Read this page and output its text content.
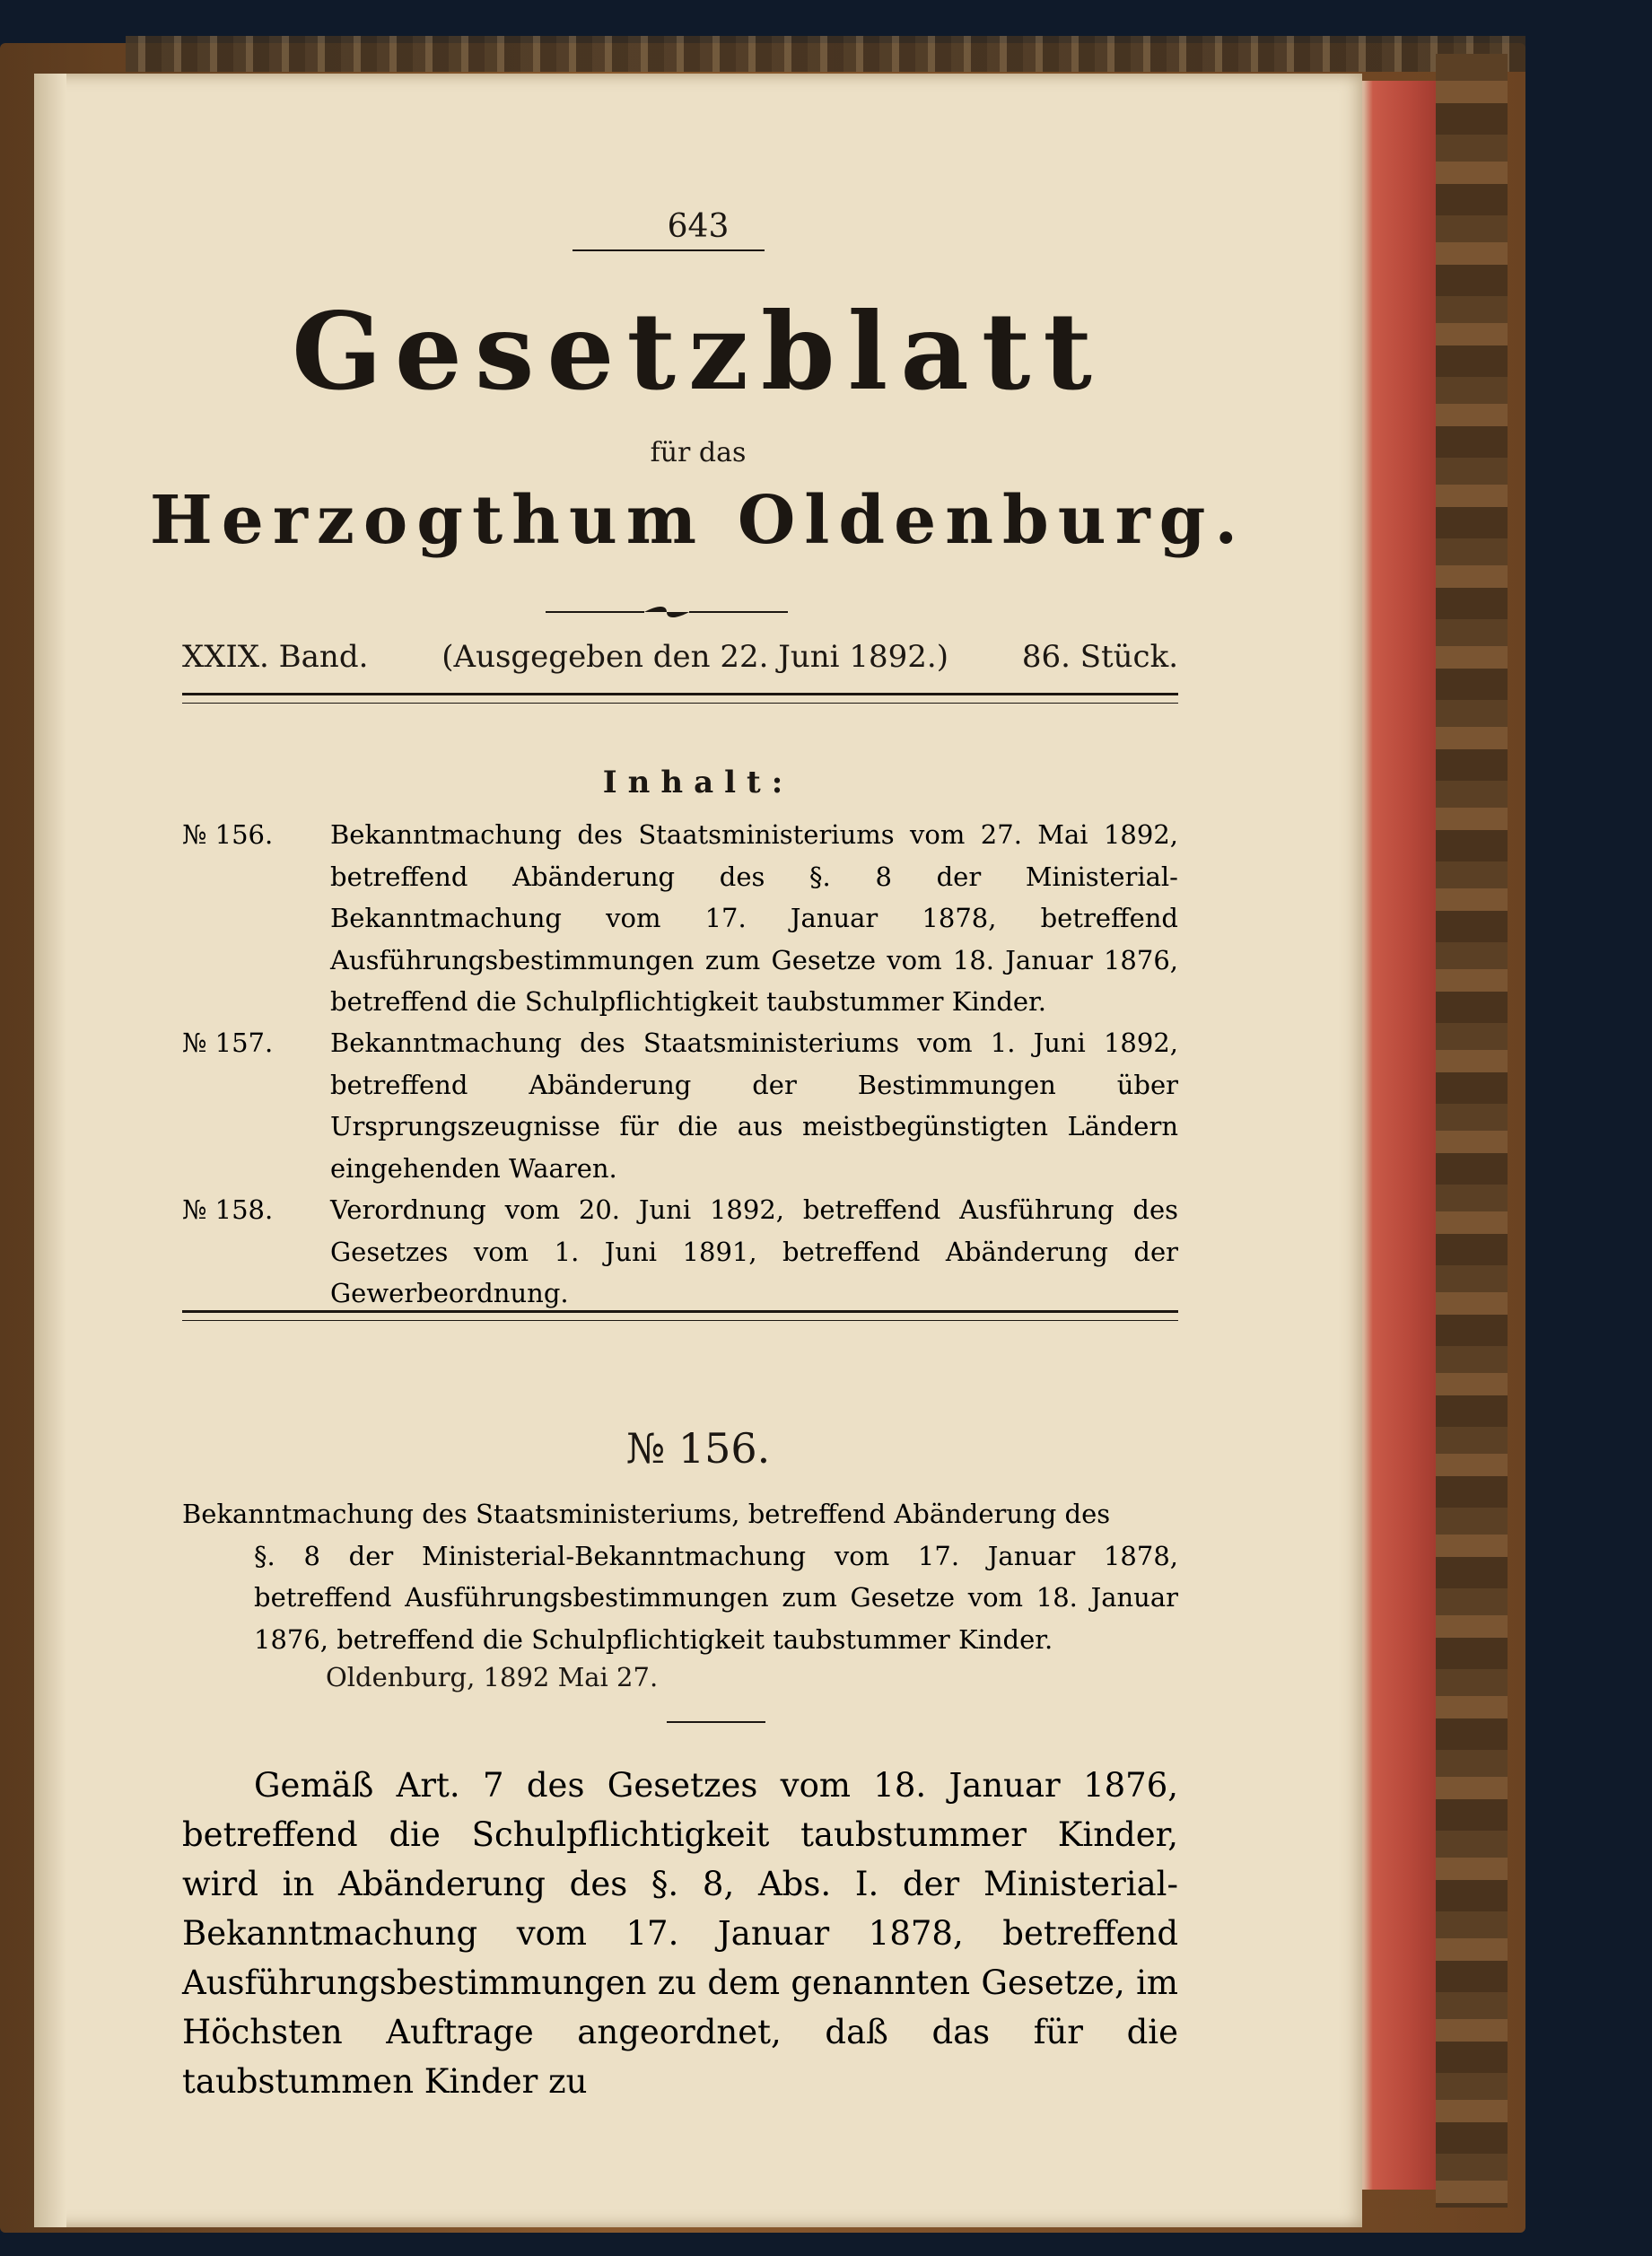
643
Gesetzblatt
für das
Herzogthum Oldenburg.
XXIX. Band. (Ausgegeben den 22. Juni 1892.) 86. Stück.
Inhalt:
№ 156.	Bekanntmachung des Staatsministeriums vom 27. Mai 1892, betreffend Abänderung des §. 8 der Ministerial-Bekanntmachung vom 17. Januar 1878, betreffend Ausführungsbestimmungen zum Gesetze vom 18. Januar 1876, betreffend die Schulpflichtigkeit taubstummer Kinder.
№ 157.	Bekanntmachung des Staatsministeriums vom 1. Juni 1892, betreffend Abänderung der Bestimmungen über Ursprungszeugnisse für die aus meistbegünstigten Ländern eingehenden Waaren.
№ 158.	Verordnung vom 20. Juni 1892, betreffend Ausführung des Gesetzes vom 1. Juni 1891, betreffend Abänderung der Gewerbeordnung.
№ 156.
Bekanntmachung des Staatsministeriums, betreffend Abänderung des
§. 8 der Ministerial-Bekanntmachung vom 17. Januar 1878, betreffend Ausführungsbestimmungen zum Gesetze vom 18. Januar 1876, betreffend die Schulpflichtigkeit taubstummer Kinder.
Oldenburg, 1892 Mai 27.
Gemäß Art. 7 des Gesetzes vom 18. Januar 1876, betreffend die Schulpflichtigkeit taubstummer Kinder, wird in Abänderung des §. 8, Abs. I. der Ministerial-Bekanntmachung vom 17. Januar 1878, betreffend Ausführungsbestimmungen zu dem genannten Gesetze, im Höchsten Auftrage angeordnet, daß das für die taubstummen Kinder zu
